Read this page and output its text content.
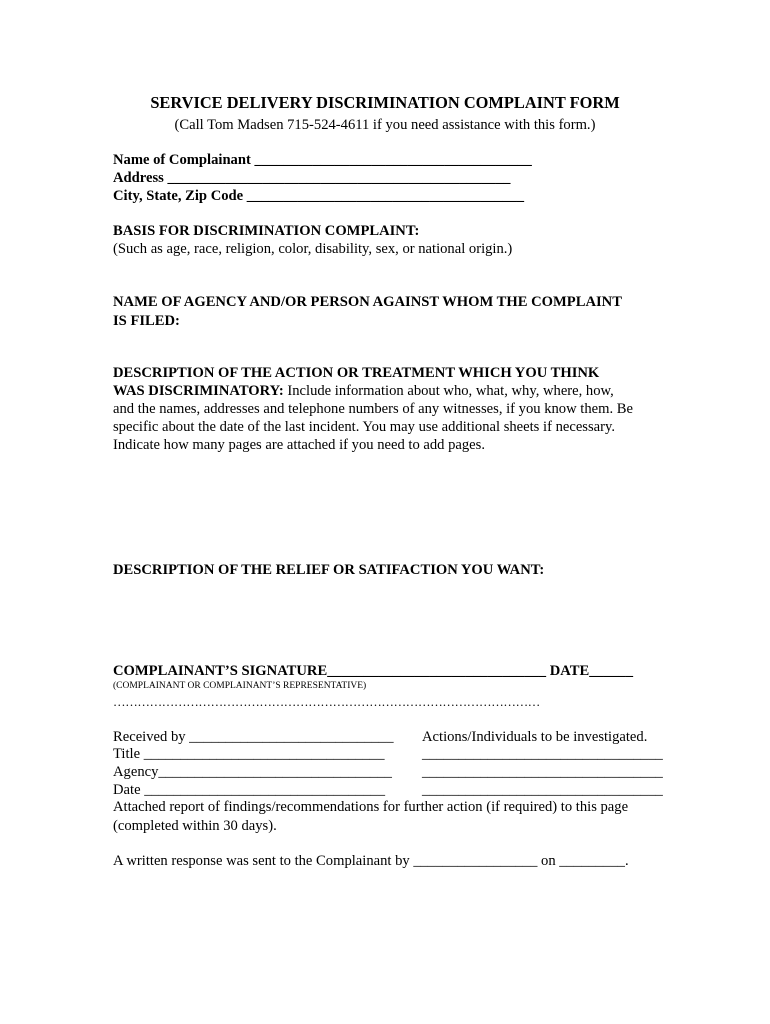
SERVICE DELIVERY DISCRIMINATION COMPLAINT FORM
(Call Tom Madsen 715-524-4611 if you need assistance with this form.)
Name of Complainant ______________________________________
Address _______________________________________________
City, State, Zip Code ______________________________________
BASIS FOR DISCRIMINATION COMPLAINT:
(Such as age, race, religion, color, disability, sex, or national origin.)
NAME OF AGENCY AND/OR PERSON AGAINST WHOM THE COMPLAINT
IS FILED:
DESCRIPTION OF THE ACTION OR TREATMENT WHICH YOU THINK
WAS DISCRIMINATORY: Include information about who, what, why, where, how,
and the names, addresses and telephone numbers of any witnesses, if you know them. Be
specific about the date of the last incident. You may use additional sheets if necessary.
Indicate how many pages are attached if you need to add pages.
DESCRIPTION OF THE RELIEF OR SATIFACTION YOU WANT:
COMPLAINANT’S SIGNATURE______________________________ DATE______
(COMPLAINANT OR COMPLAINANT’S REPRESENTATIVE)
……………………………………………………………………………………………
Received by ____________________________ Actions/Individuals to be investigated.
Title _________________________________	_________________________________
Agency________________________________ _________________________________
Date _________________________________	_________________________________
Attached report of findings/recommendations for further action (if required) to this page
(completed within 30 days).
A written response was sent to the Complainant by _________________ on _________.
